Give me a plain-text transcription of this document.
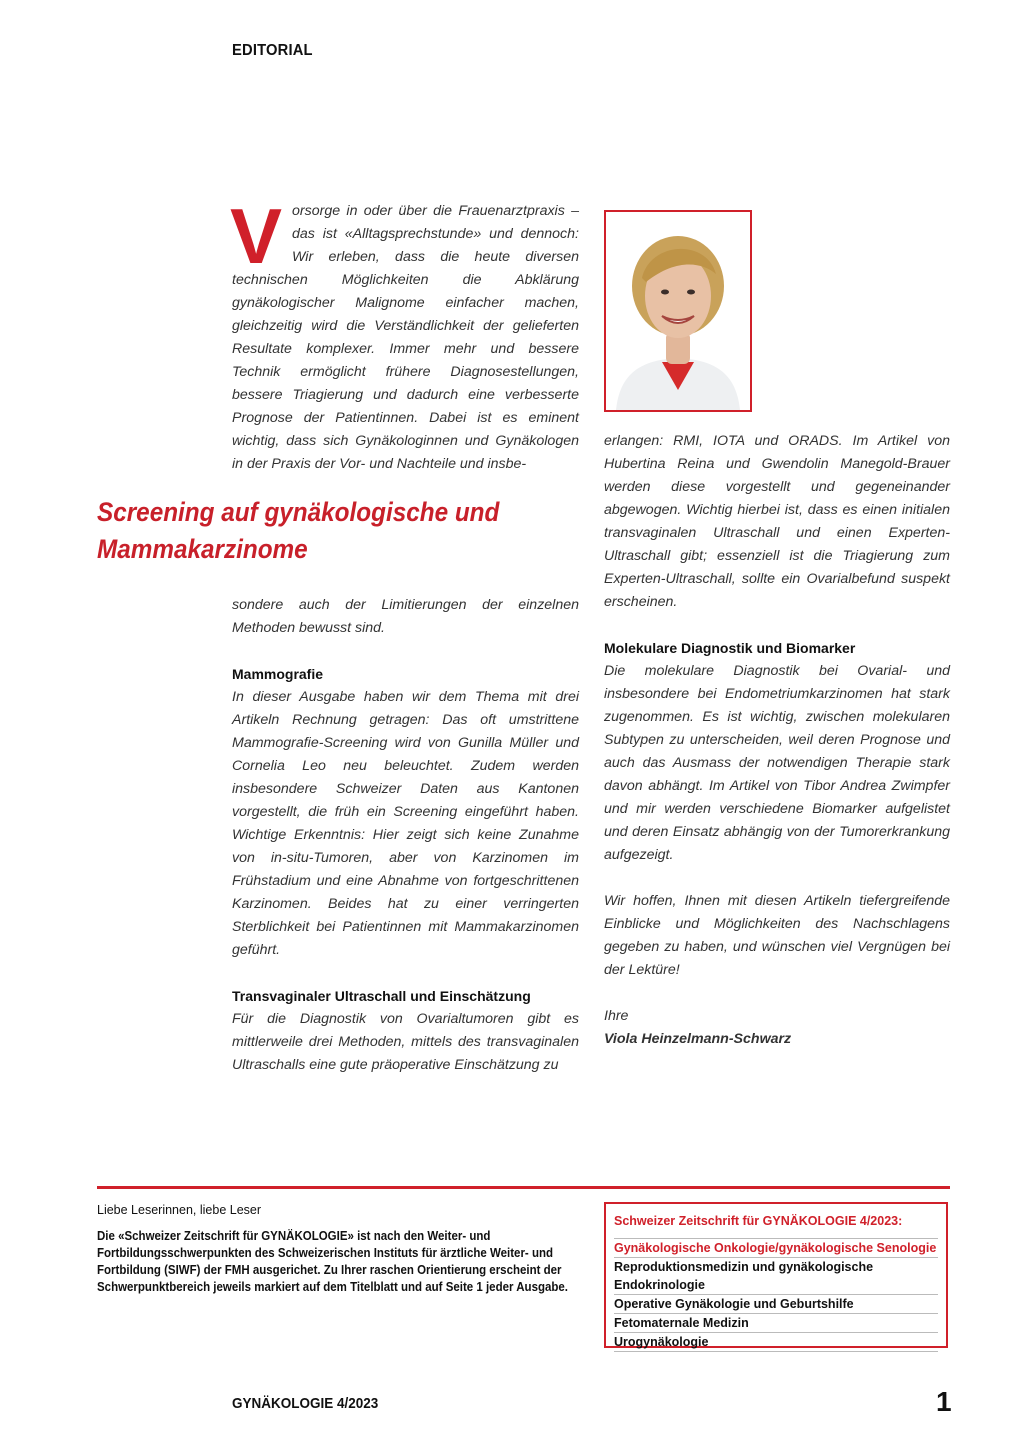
EDITORIAL
V orsorge in oder über die Frauenarztpraxis – das ist «Alltagsprechstunde» und dennoch: Wir erleben, dass die heute diversen technischen Möglichkeiten die Abklärung gynäkologischer Malignome einfacher machen, gleichzeitig wird die Verständlichkeit der gelieferten Resultate komplexer. Immer mehr und bessere Technik ermöglicht frühere Diagnosestellungen, bessere Triagierung und dadurch eine verbesserte Prognose der Patientinnen. Dabei ist es eminent wichtig, dass sich Gynäkologinnen und Gynäkologen in der Praxis der Vor- und Nachteile und insbe-
Screening auf gynäkologische und Mammakarzinome

sondere auch der Limitierungen der einzelnen Methoden bewusst sind.

Mammografie

In dieser Ausgabe haben wir dem Thema mit drei Artikeln Rechnung getragen: Das oft umstrittene Mammografie-Screening wird von Gunilla Müller und Cornelia Leo neu beleuchtet. Zudem werden insbesondere Schweizer Daten aus Kantonen vorgestellt, die früh ein Screening eingeführt haben. Wichtige Erkenntnis: Hier zeigt sich keine Zunahme von in-situ-Tumoren, aber von Karzinomen im Frühstadium und eine Abnahme von fortgeschrittenen Karzinomen. Beides hat zu einer verringerten Sterblichkeit bei Patientinnen mit Mammakarzinomen geführt.

Transvaginaler Ultraschall und Einschätzung

Für die Diagnostik von Ovarialtumoren gibt es mittlerweile drei Methoden, mittels des transvaginalen Ultraschalls eine gute präoperative Einschätzung zu

erlangen: RMI, IOTA und ORADS. Im Artikel von Hubertina Reina und Gwendolin Manegold-Brauer werden diese vorgestellt und gegeneinander abgewogen. Wichtig hierbei ist, dass es einen initialen transvaginalen Ultraschall und einen Experten-Ultraschall gibt; essenziell ist die Triagierung zum Experten-Ultraschall, sollte ein Ovarialbefund suspekt erscheinen.

Molekulare Diagnostik und Biomarker

Die molekulare Diagnostik bei Ovarial- und insbesondere bei Endometriumkarzinomen hat stark zugenommen. Es ist wichtig, zwischen molekularen Subtypen zu unterscheiden, weil deren Prognose und auch das Ausmass der notwendigen Therapie stark davon abhängt. Im Artikel von Tibor Andrea Zwimpfer und mir werden verschiedene Biomarker aufgelistet und deren Einsatz abhängig von der Tumorerkrankung aufgezeigt.

Wir hoffen, Ihnen mit diesen Artikeln tiefergreifende Einblicke und Möglichkeiten des Nachschlagens gegeben zu haben, und wünschen viel Vergnügen bei der Lektüre!

Ihre

Viola Heinzelmann-Schwarz

Liebe Leserinnen, liebe Leser
Die «Schweizer Zeitschrift für GYNÄKOLOGIE» ist nach den Weiter- und Fortbildungsschwerpunkten des Schweizerischen Instituts für ärztliche Weiter- und Fortbildung (SIWF) der FMH ausgerichet. Zu Ihrer raschen Orientierung erscheint der Schwerpunktbereich jeweils markiert auf dem Titelblatt und auf Seite 1 jeder Ausgabe.
Schweizer Zeitschrift für GYNÄKOLOGIE 4/2023:
Gynäkologische Onkologie/gynäkologische Senologie
Reproduktionsmedizin und gynäkologische Endokrinologie
Operative Gynäkologie und Geburtshilfe
Fetomaternale Medizin
Urogynäkologie
GYNÄKOLOGIE 4/2023	1
